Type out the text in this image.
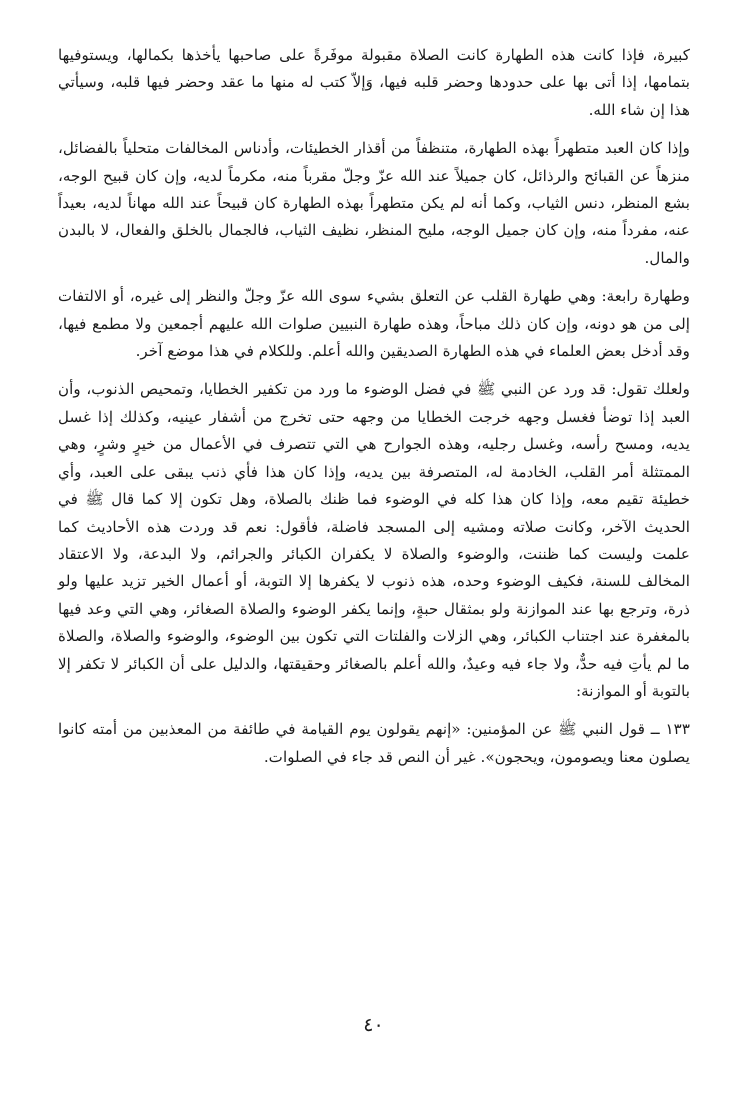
كبيرة، فإذا كانت هذه الطهارة كانت الصلاة مقبولة موفَرةً على صاحبها يأخذها بكمالها، ويستوفيها بتمامها، إذا أتى بها على حدودها وحضر قلبه فيها، وَإلاّ كتب له منها ما عقد وحضر فيها قلبه، وسيأتي هذا إن شاء الله.

وإذا كان العبد متطهراً بهذه الطهارة، متنظفاً من أقذار الخطيئات، وأدناس المخالفات متحلياً بالفضائل، منزهاً عن القبائح والرذائل، كان جميلاً عند الله عزّ وجلّ مقرباً منه، مكرماً لديه، وإن كان قبيح الوجه، بشع المنظر، دنس الثياب، وكما أنه لم يكن متطهراً بهذه الطهارة كان قبيحاً عند الله مهاناً لديه، بعيداً عنه، مفرداً منه، وإن كان جميل الوجه، مليح المنظر، نظيف الثياب، فالجمال بالخلق والفعال، لا بالبدن والمال.

وطهارة رابعة: وهي طهارة القلب عن التعلق بشيء سوى الله عزّ وجلّ والنظر إلى غيره، أو الالتفات إلى من هو دونه، وإن كان ذلك مباحاً، وهذه طهارة النبيين صلوات الله عليهم أجمعين ولا مطمع فيها، وقد أدخل بعض العلماء في هذه الطهارة الصديقين والله أعلم. وللكلام في هذا موضع آخر.

ولعلك تقول: قد ورد عن النبي ﷺ في فضل الوضوء ما ورد من تكفير الخطايا، وتمحيص الذنوب، وأن العبد إذا توضأ فغسل وجهه خرجت الخطايا من وجهه حتى تخرج من أشفار عينيه، وكذلك إذا غسل يديه، ومسح رأسه، وغسل رجليه، وهذه الجوارح هي التي تتصرف في الأعمال من خيرٍ وشرٍ، وهي الممتثلة أمر القلب، الخادمة له، المتصرفة بين يديه، وإذا كان هذا فأي ذنب يبقى على العبد، وأي خطيئة تقيم معه، وإذا كان هذا كله في الوضوء فما ظنك بالصلاة، وهل تكون إلا كما قال ﷺ في الحديث الآخر، وكانت صلاته ومشيه إلى المسجد فاضلة، فأقول: نعم قد وردت هذه الأحاديث كما علمت وليست كما ظننت، والوضوء والصلاة لا يكفران الكبائر والجرائم، ولا البدعة، ولا الاعتقاد المخالف للسنة، فكيف الوضوء وحده، هذه ذنوب لا يكفرها إلا التوبة، أو أعمال الخير تزيد عليها ولو ذرة، وترجع بها عند الموازنة ولو بمثقال حبةٍ، وإنما يكفر الوضوء والصلاة الصغائر، وهي التي وعد فيها بالمغفرة عند اجتناب الكبائر، وهي الزلات والفلتات التي تكون بين الوضوء، والوضوء والصلاة، والصلاة ما لم يأتِ فيه حدٌّ، ولا جاء فيه وعيدٌ، والله أعلم بالصغائر وحقيقتها، والدليل على أن الكبائر لا تكفر إلا بالتوبة أو الموازنة:

١٣٣ ــ قول النبي ﷺ عن المؤمنين: «إنهم يقولون يوم القيامة في طائفة من المعذبين من أمته كانوا يصلون معنا ويصومون، ويحجون». غير أن النص قد جاء في الصلوات.

٤٠
